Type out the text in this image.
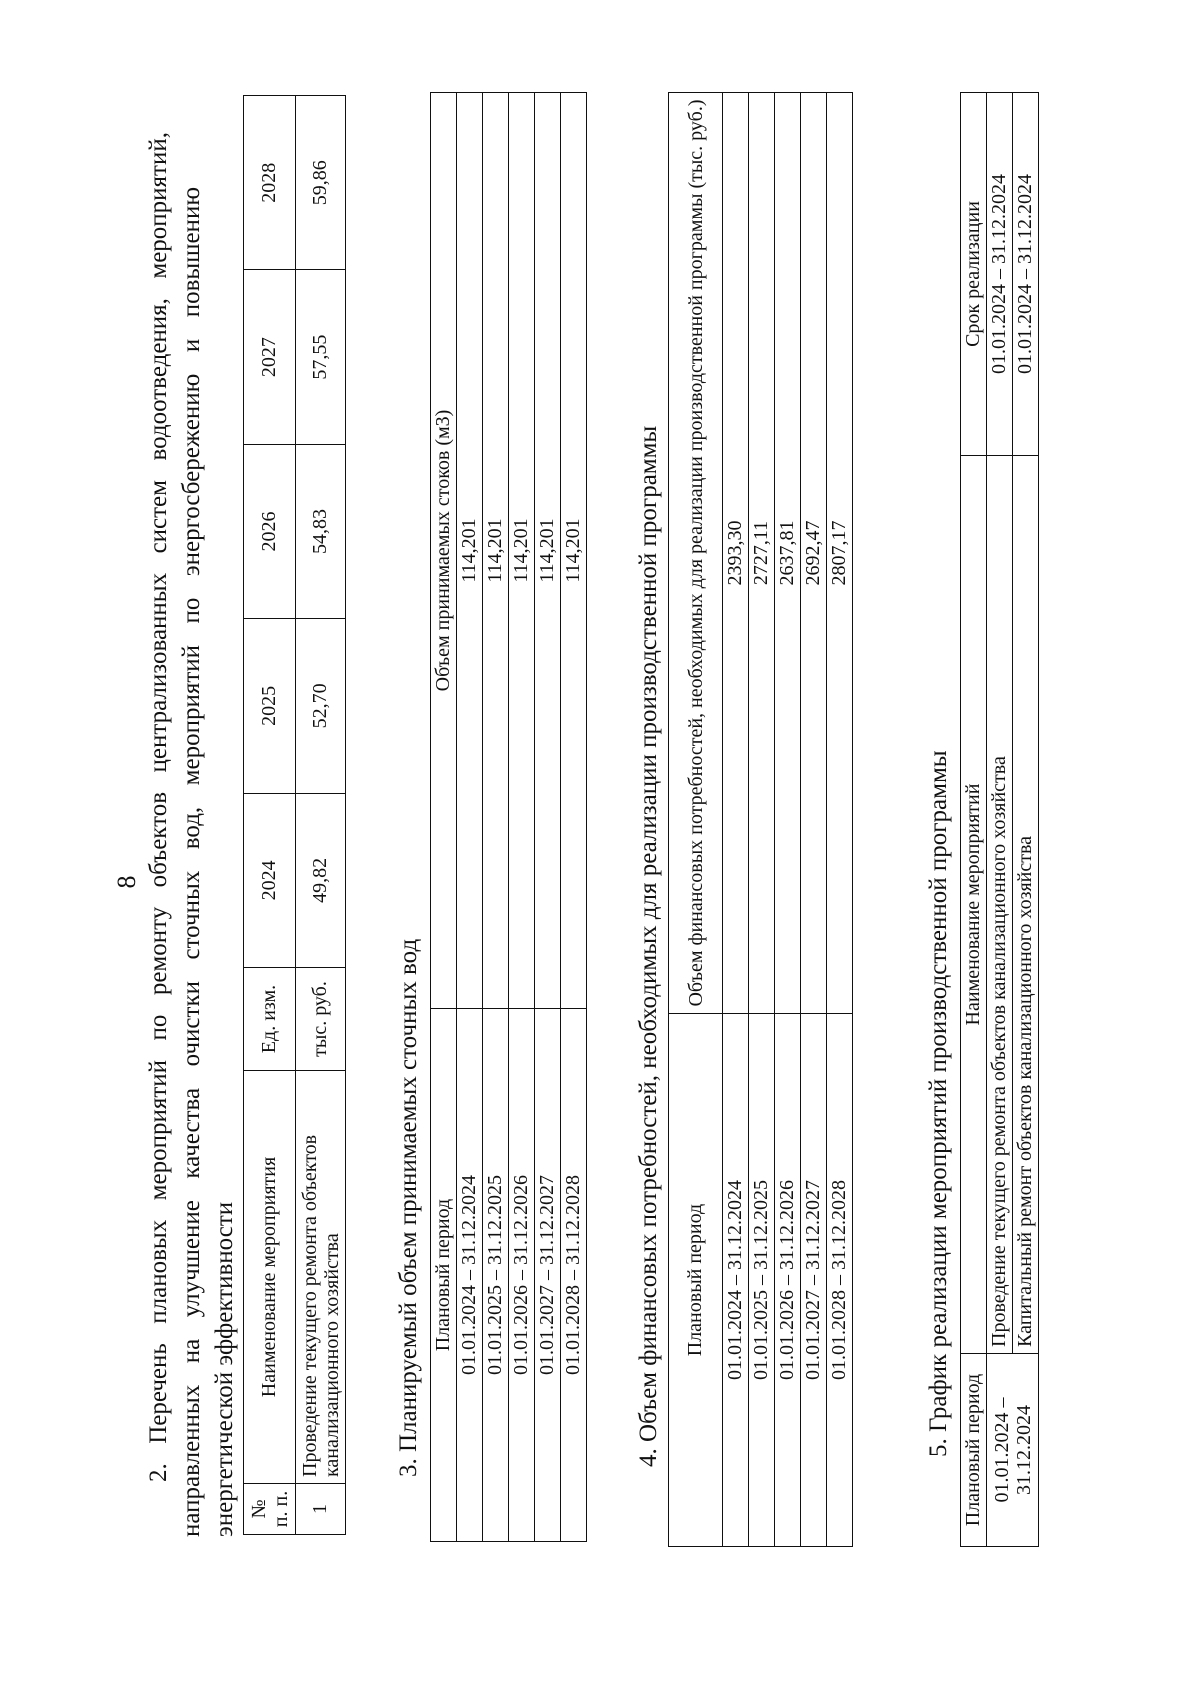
8 2. Перечень плановых мероприятий по ремонту объектов централизованных систем водоотведения, мероприятий, направленных на улучшение качества очистки сточных вод, мероприятий по энергосбережению и повышению энергетической эффективности № п. п.	Наименование мероприятия	Ед. изм.	2024	2025	2026	2027	2028
1	Проведение текущего ремонта объектов канализационного хозяйства	тыс. руб.	49,82	52,70	54,83	57,55	59,86
3. Планируемый объем принимаемых сточных вод Плановый период	Объем принимаемых стоков (м3)
01.01.2024 – 31.12.2024	114,201
01.01.2025 – 31.12.2025	114,201
01.01.2026 – 31.12.2026	114,201
01.01.2027 – 31.12.2027	114,201
01.01.2028 – 31.12.2028	114,201 4. Объем финансовых потребностей, необходимых для реализации производственной программы Плановый период	Объем финансовых потребностей, необходимых для реализации производственной программы (тыс. руб.)
01.01.2024 – 31.12.2024	2393,30
01.01.2025 – 31.12.2025	2727,11
01.01.2026 – 31.12.2026	2637,81
01.01.2027 – 31.12.2027	2692,47
01.01.2028 – 31.12.2028	2807,17
5. График реализации мероприятий производственной программы Плановый период	Наименование мероприятий	Срок реализации
01.01.2024 – 31.12.2024	Проведение текущего ремонта объектов канализационного хозяйства	01.01.2024 – 31.12.2024
	Капитальный ремонт объектов канализационного хозяйства	01.01.2024 – 31.12.2024
